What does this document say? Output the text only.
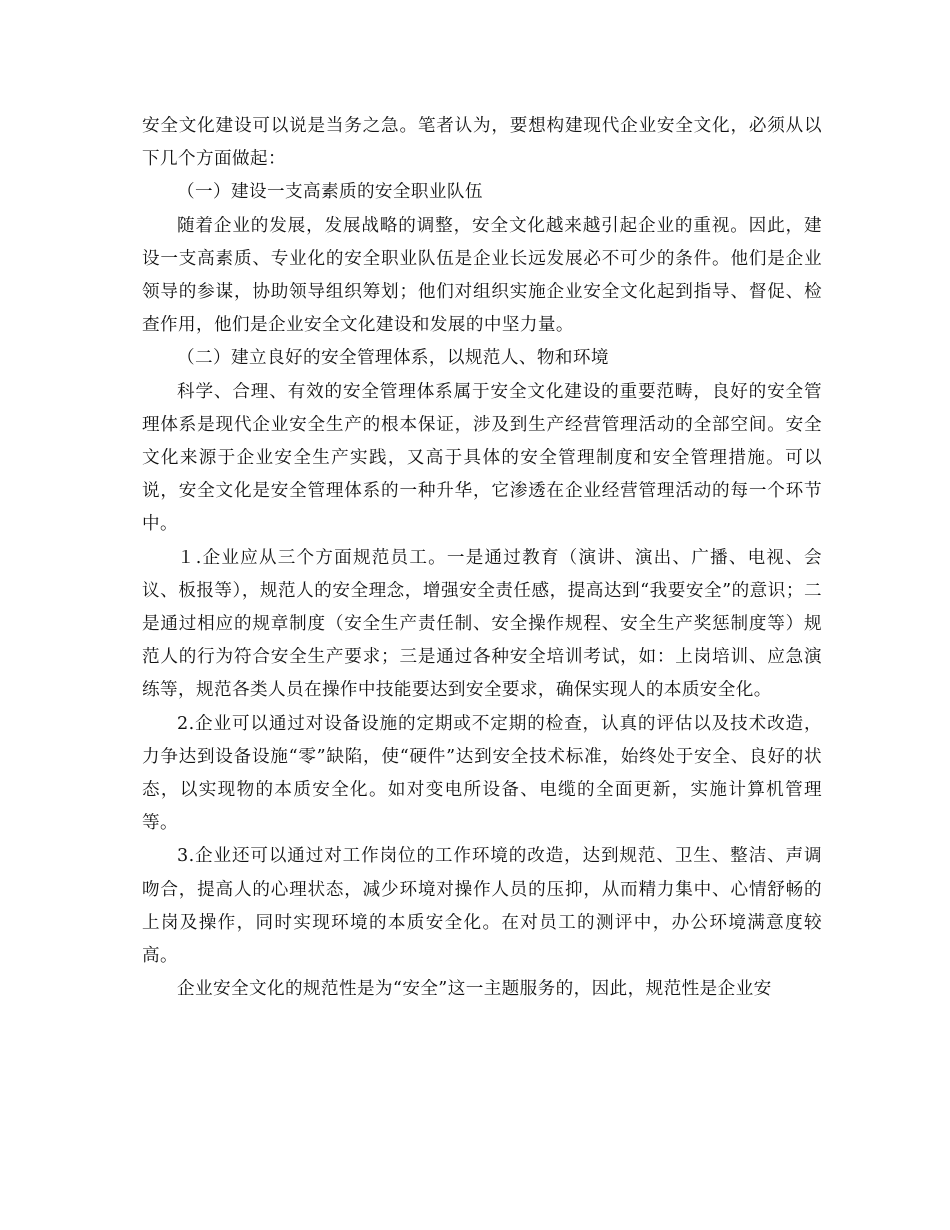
安全文化建设可以说是当务之急。笔者认为，要想构建现代企业安全文化，必须从以下几个方面做起：

（一）建设一支高素质的安全职业队伍

随着企业的发展，发展战略的调整，安全文化越来越引起企业的重视。因此，建设一支高素质、专业化的安全职业队伍是企业长远发展必不可少的条件。他们是企业领导的参谋，协助领导组织筹划；他们对组织实施企业安全文化起到指导、督促、检查作用，他们是企业安全文化建设和发展的中坚力量。

（二）建立良好的安全管理体系，以规范人、物和环境

科学、合理、有效的安全管理体系属于安全文化建设的重要范畴，良好的安全管理体系是现代企业安全生产的根本保证，涉及到生产经营管理活动的全部空间。安全文化来源于企业安全生产实践，又高于具体的安全管理制度和安全管理措施。可以说，安全文化是安全管理体系的一种升华，它渗透在企业经营管理活动的每一个环节中。

１.企业应从三个方面规范员工。一是通过教育（演讲、演出、广播、电视、会议、板报等），规范人的安全理念，增强安全责任感，提高达到“我要安全”的意识；二是通过相应的规章制度（安全生产责任制、安全操作规程、安全生产奖惩制度等）规范人的行为符合安全生产要求；三是通过各种安全培训考试，如：上岗培训、应急演练等，规范各类人员在操作中技能要达到安全要求，确保实现人的本质安全化。

2.企业可以通过对设备设施的定期或不定期的检查，认真的评估以及技术改造，力争达到设备设施“零”缺陷，使“硬件”达到安全技术标准，始终处于安全、良好的状态，以实现物的本质安全化。如对变电所设备、电缆的全面更新，实施计算机管理等。

3.企业还可以通过对工作岗位的工作环境的改造，达到规范、卫生、整洁、声调吻合，提高人的心理状态，减少环境对操作人员的压抑，从而精力集中、心情舒畅的上岗及操作，同时实现环境的本质安全化。在对员工的测评中，办公环境满意度较高。

企业安全文化的规范性是为“安全”这一主题服务的，因此，规范性是企业安
